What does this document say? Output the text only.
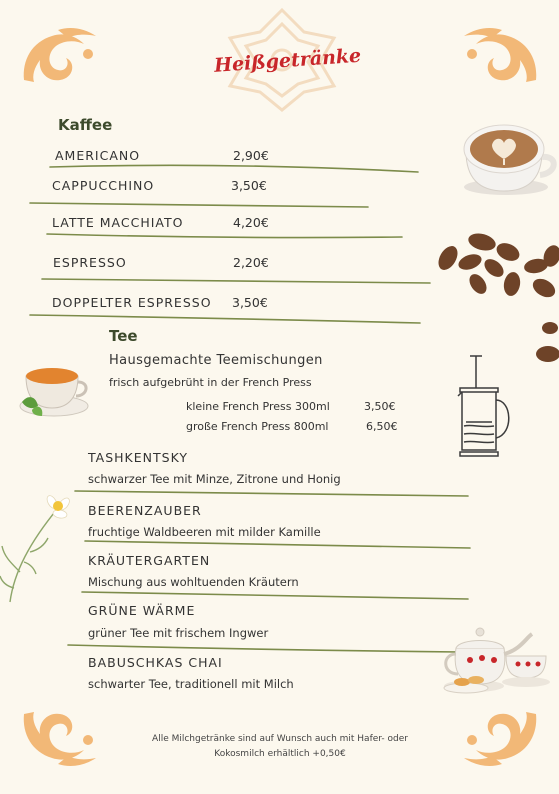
Heißgetränke
Kaffee
AMERICANO	2,90€
CAPPUCCHINO	3,50€
LATTE MACCHIATO	4,20€
ESPRESSO	2,20€
DOPPELTER ESPRESSO 3,50€
Tee
Hausgemachte Teemischungen
frisch aufgebrüht in der French Press
kleine French Press 300ml	3,50€
große French Press 800ml	6,50€
TASHKENTSKY
schwarzer Tee mit Minze, Zitrone und Honig
BEERENZAUBER
fruchtige Waldbeeren mit milder Kamille
KRÄUTERGARTEN
Mischung aus wohltuenden Kräutern
GRÜNE WÄRME
grüner Tee mit frischem Ingwer
BABUSCHKAS CHAI
schwarter Tee, traditionell mit Milch
Alle Milchgetränke sind auf Wunsch auch mit Hafer- oder
Kokosmilch erhältlich +0,50€
